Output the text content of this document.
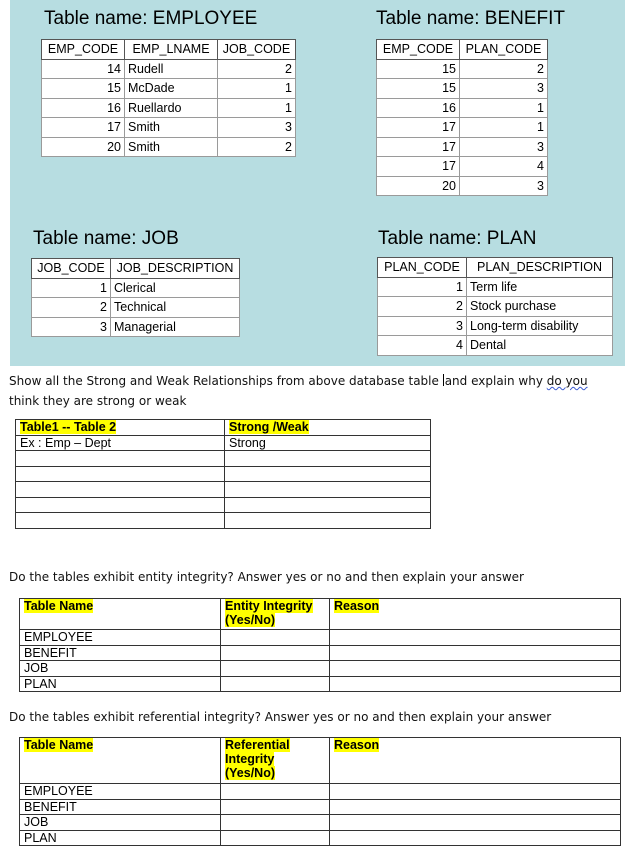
Table name: EMPLOYEE
EMP_CODE	EMP_LNAME	JOB_CODE
14	Rudell	2
15	McDade	1
16	Ruellardo	1
17	Smith	3
20	Smith	2
Table name: BENEFIT
EMP_CODE	PLAN_CODE
15	2
15	3
16	1
17	1
17	3
17	4
20	3
Table name: JOB
JOB_CODE	JOB_DESCRIPTION
1	Clerical
2	Technical
3	Managerial
Table name: PLAN
PLAN_CODE	PLAN_DESCRIPTION
1	Term life
2	Stock purchase
3	Long-term disability
4	Dental
Show all the Strong and Weak Relationships from above database table and explain why do you
think they are strong or weak
Table1 -- Table 2	Strong /Weak
Ex : Emp – Dept	Strong

Do the tables exhibit entity integrity? Answer yes or no and then explain your answer
Table Name	Entity Integrity (Yes/No)	Reason
EMPLOYEE		
BENEFIT		
JOB		
PLAN		
Do the tables exhibit referential integrity? Answer yes or no and then explain your answer
Table Name	Referential Integrity (Yes/No)	Reason
EMPLOYEE		
BENEFIT		
JOB		
PLAN		
